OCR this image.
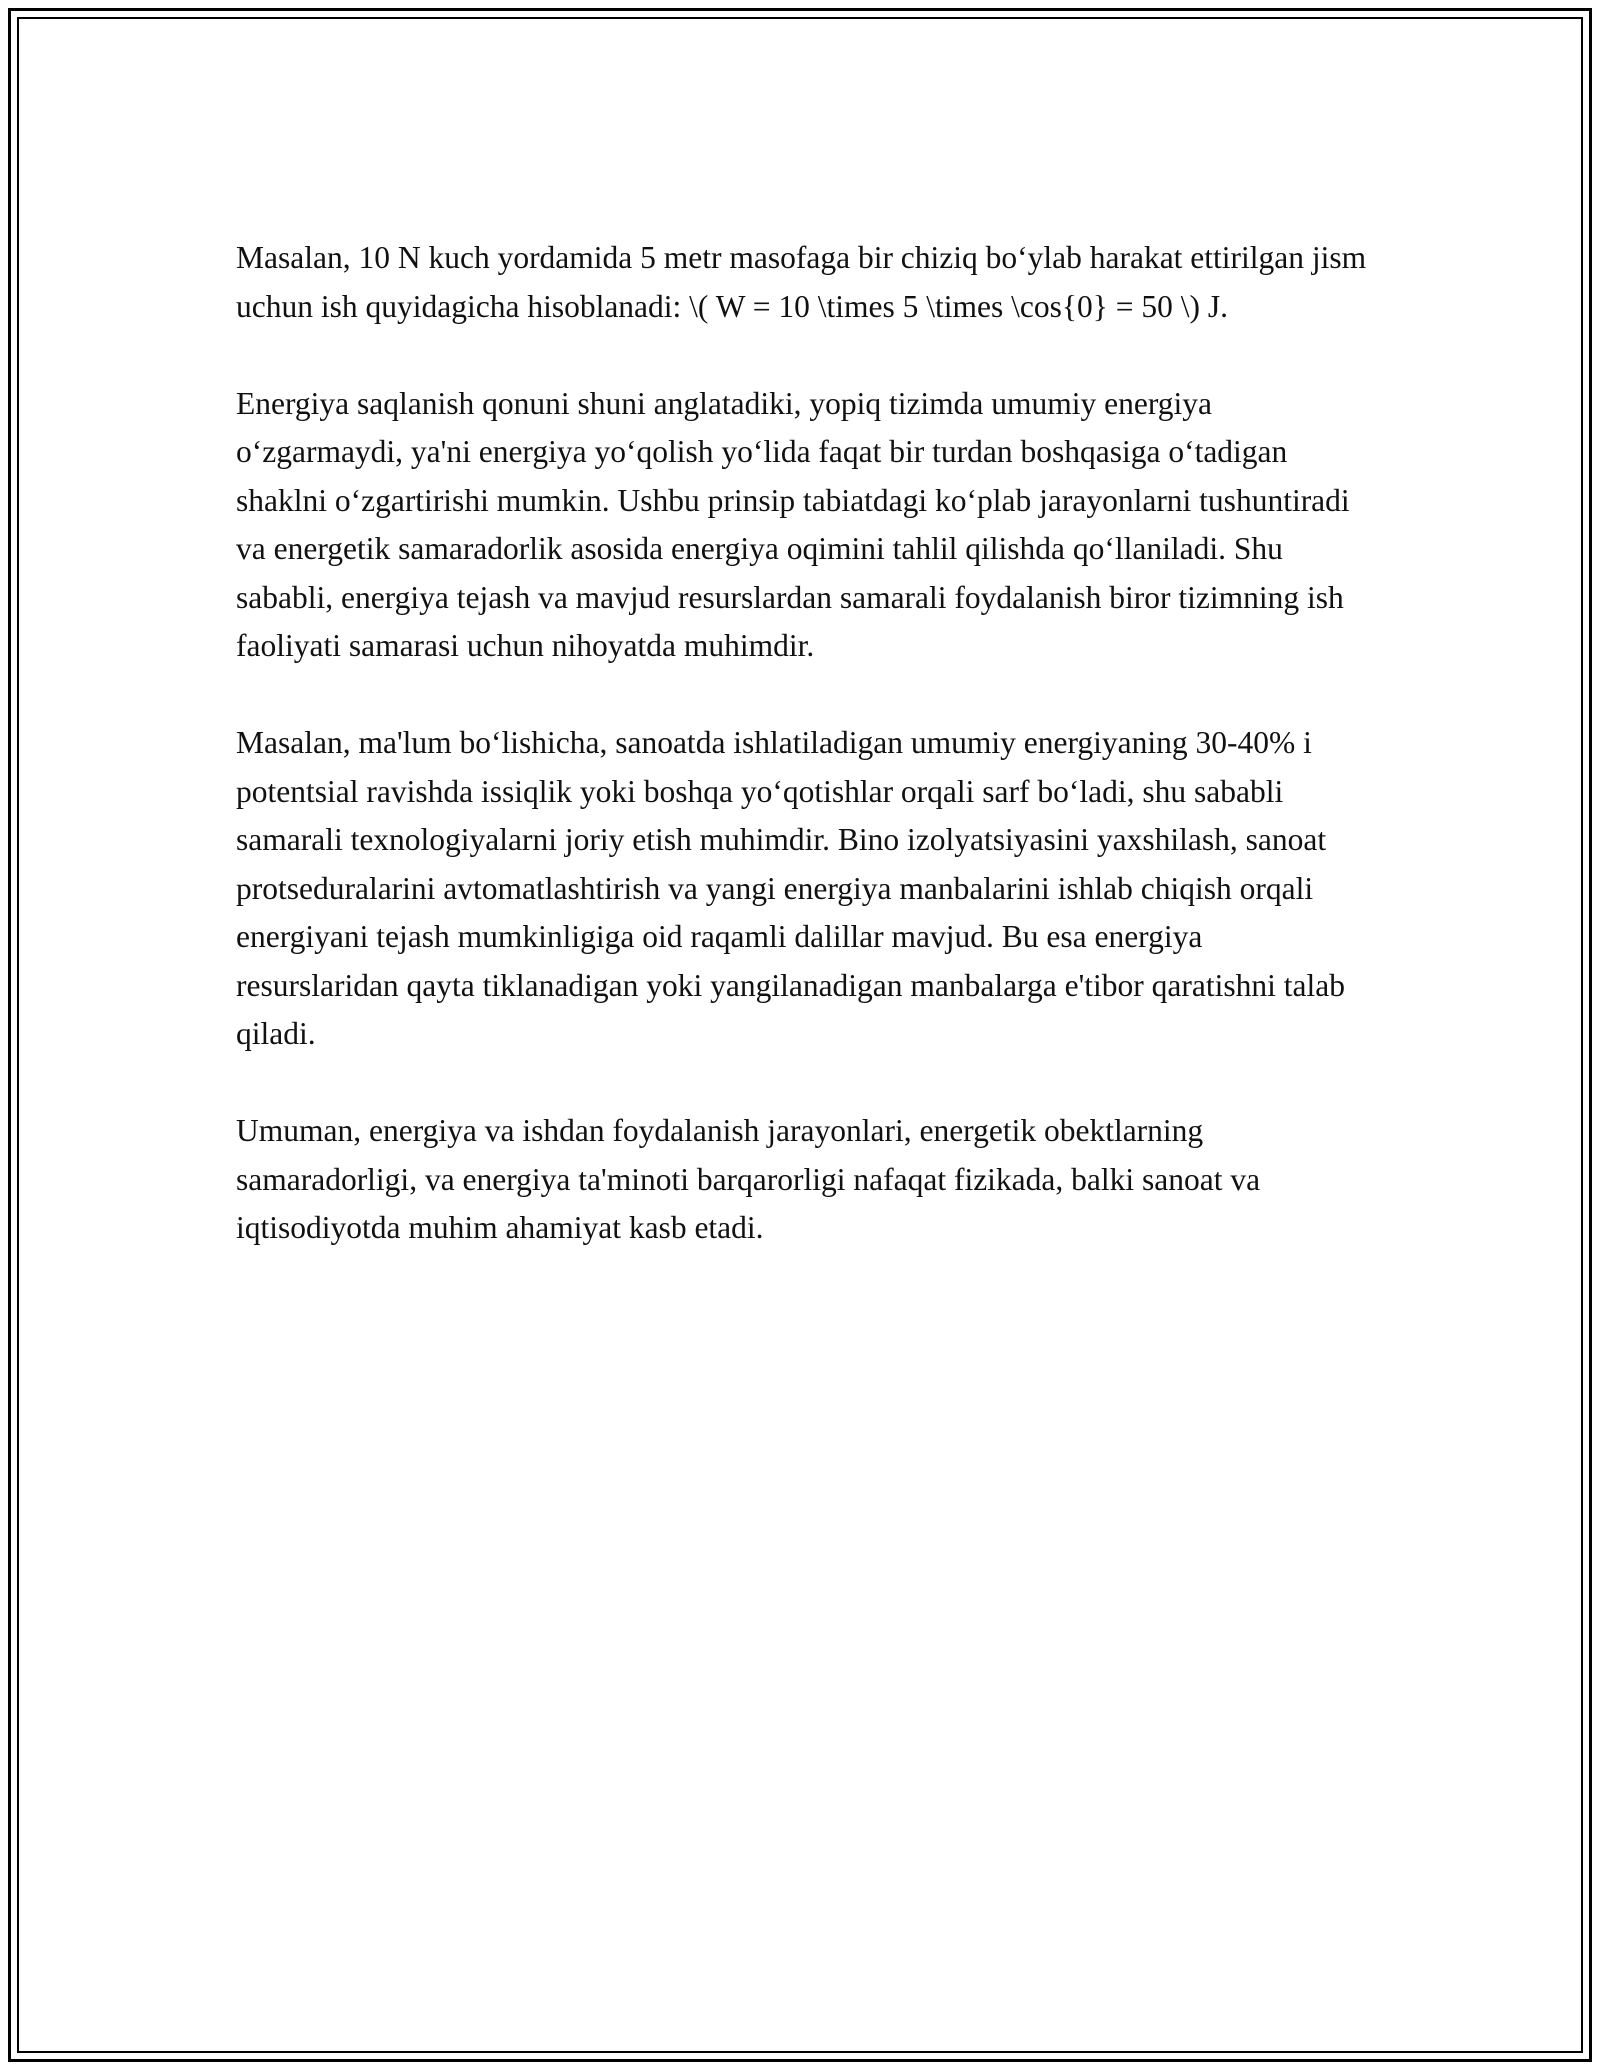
Masalan, 10 N kuch yordamida 5 metr masofaga bir chiziq bo‘ylab harakat ettirilgan jism uchun ish quyidagicha hisoblanadi: \( W = 10 \times 5 \times \cos{0} = 50 \) J.

Energiya saqlanish qonuni shuni anglatadiki, yopiq tizimda umumiy energiya o‘zgarmaydi, ya'ni energiya yo‘qolish yo‘lida faqat bir turdan boshqasiga o‘tadigan shaklni o‘zgartirishi mumkin. Ushbu prinsip tabiatdagi ko‘plab jarayonlarni tushuntiradi va energetik samaradorlik asosida energiya oqimini tahlil qilishda qo‘llaniladi. Shu sababli, energiya tejash va mavjud resurslardan samarali foydalanish biror tizimning ish faoliyati samarasi uchun nihoyatda muhimdir.

Masalan, ma'lum bo‘lishicha, sanoatda ishlatiladigan umumiy energiyaning 30-40% i potentsial ravishda issiqlik yoki boshqa yo‘qotishlar orqali sarf bo‘ladi, shu sababli samarali texnologiyalarni joriy etish muhimdir. Bino izolyatsiyasini yaxshilash, sanoat protseduralarini avtomatlashtirish va yangi energiya manbalarini ishlab chiqish orqali energiyani tejash mumkinligiga oid raqamli dalillar mavjud. Bu esa energiya resurslaridan qayta tiklanadigan yoki yangilanadigan manbalarga e'tibor qaratishni talab qiladi.

Umuman, energiya va ishdan foydalanish jarayonlari, energetik obektlarning samaradorligi, va energiya ta'minoti barqarorligi nafaqat fizikada, balki sanoat va iqtisodiyotda muhim ahamiyat kasb etadi.
